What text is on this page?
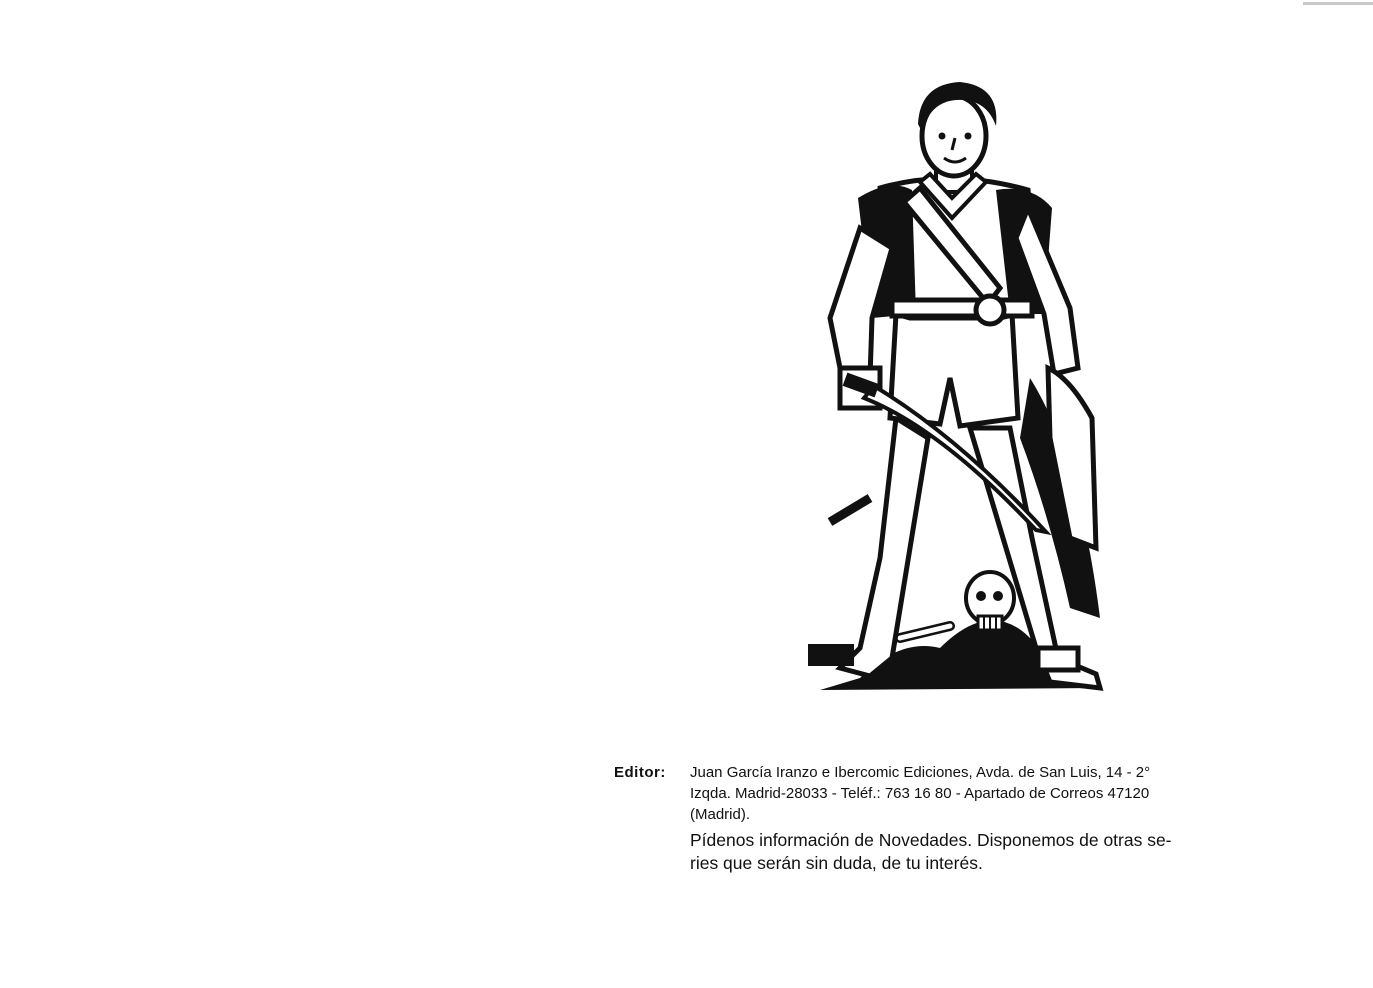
Editor:	Juan García Iranzo e Ibercomic Ediciones, Avda. de San Luis, 14 - 2°
Izqda. Madrid-28033 - Teléf.: 763 16 80 - Apartado de Correos 47120
(Madrid).
Pídenos información de Novedades. Disponemos de otras se-
ries que serán sin duda, de tu interés.
